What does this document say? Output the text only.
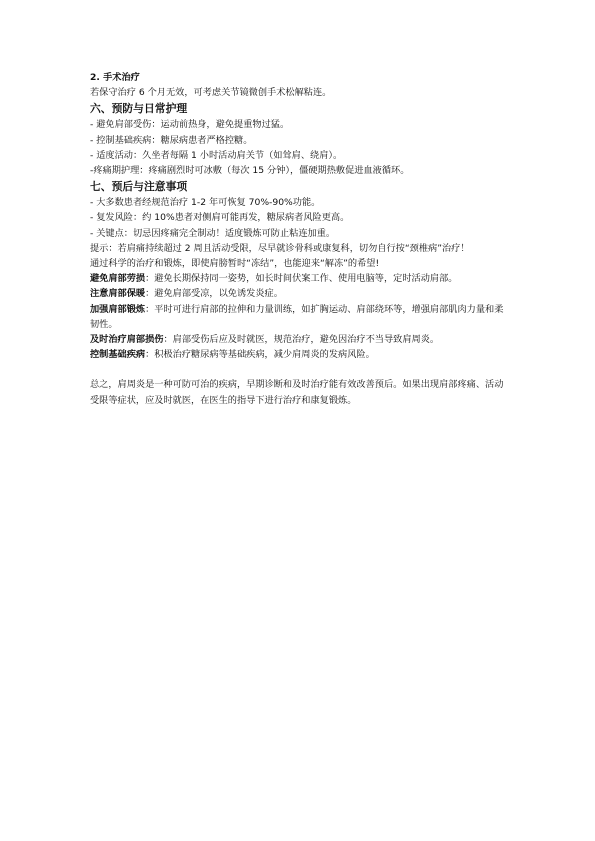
2. 手术治疗

若保守治疗 6 个月无效，可考虑关节镜微创手术松解粘连。

六、预防与日常护理

- 避免肩部受伤：运动前热身，避免提重物过猛。

- 控制基础疾病：糖尿病患者严格控糖。

- 适度活动：久坐者每隔 1 小时活动肩关节（如耸肩、绕肩）。

-疼痛期护理：疼痛剧烈时可冰敷（每次 15 分钟），僵硬期热敷促进血液循环。

七、预后与注意事项

- 大多数患者经规范治疗 1-2 年可恢复 70%-90%功能。

- 复发风险：约 10%患者对侧肩可能再发，糖尿病者风险更高。

- 关键点：切忌因疼痛完全制动！适度锻炼可防止粘连加重。

提示：若肩痛持续超过 2 周且活动受限，尽早就诊骨科或康复科，切勿自行按“颈椎病”治疗！

通过科学的治疗和锻炼，即使肩膀暂时“冻结”，也能迎来“解冻”的希望!

避免肩部劳损：避免长期保持同一姿势，如长时间伏案工作、使用电脑等，定时活动肩部。

注意肩部保暖：避免肩部受凉，以免诱发炎症。

加强肩部锻炼：平时可进行肩部的拉伸和力量训练，如扩胸运动、肩部绕环等，增强肩部肌肉力量和柔韧性。

及时治疗肩部损伤：肩部受伤后应及时就医，规范治疗，避免因治疗不当导致肩周炎。

控制基础疾病：积极治疗糖尿病等基础疾病，减少肩周炎的发病风险。

总之，肩周炎是一种可防可治的疾病，早期诊断和及时治疗能有效改善预后。如果出现肩部疼痛、活动受限等症状，应及时就医，在医生的指导下进行治疗和康复锻炼。
